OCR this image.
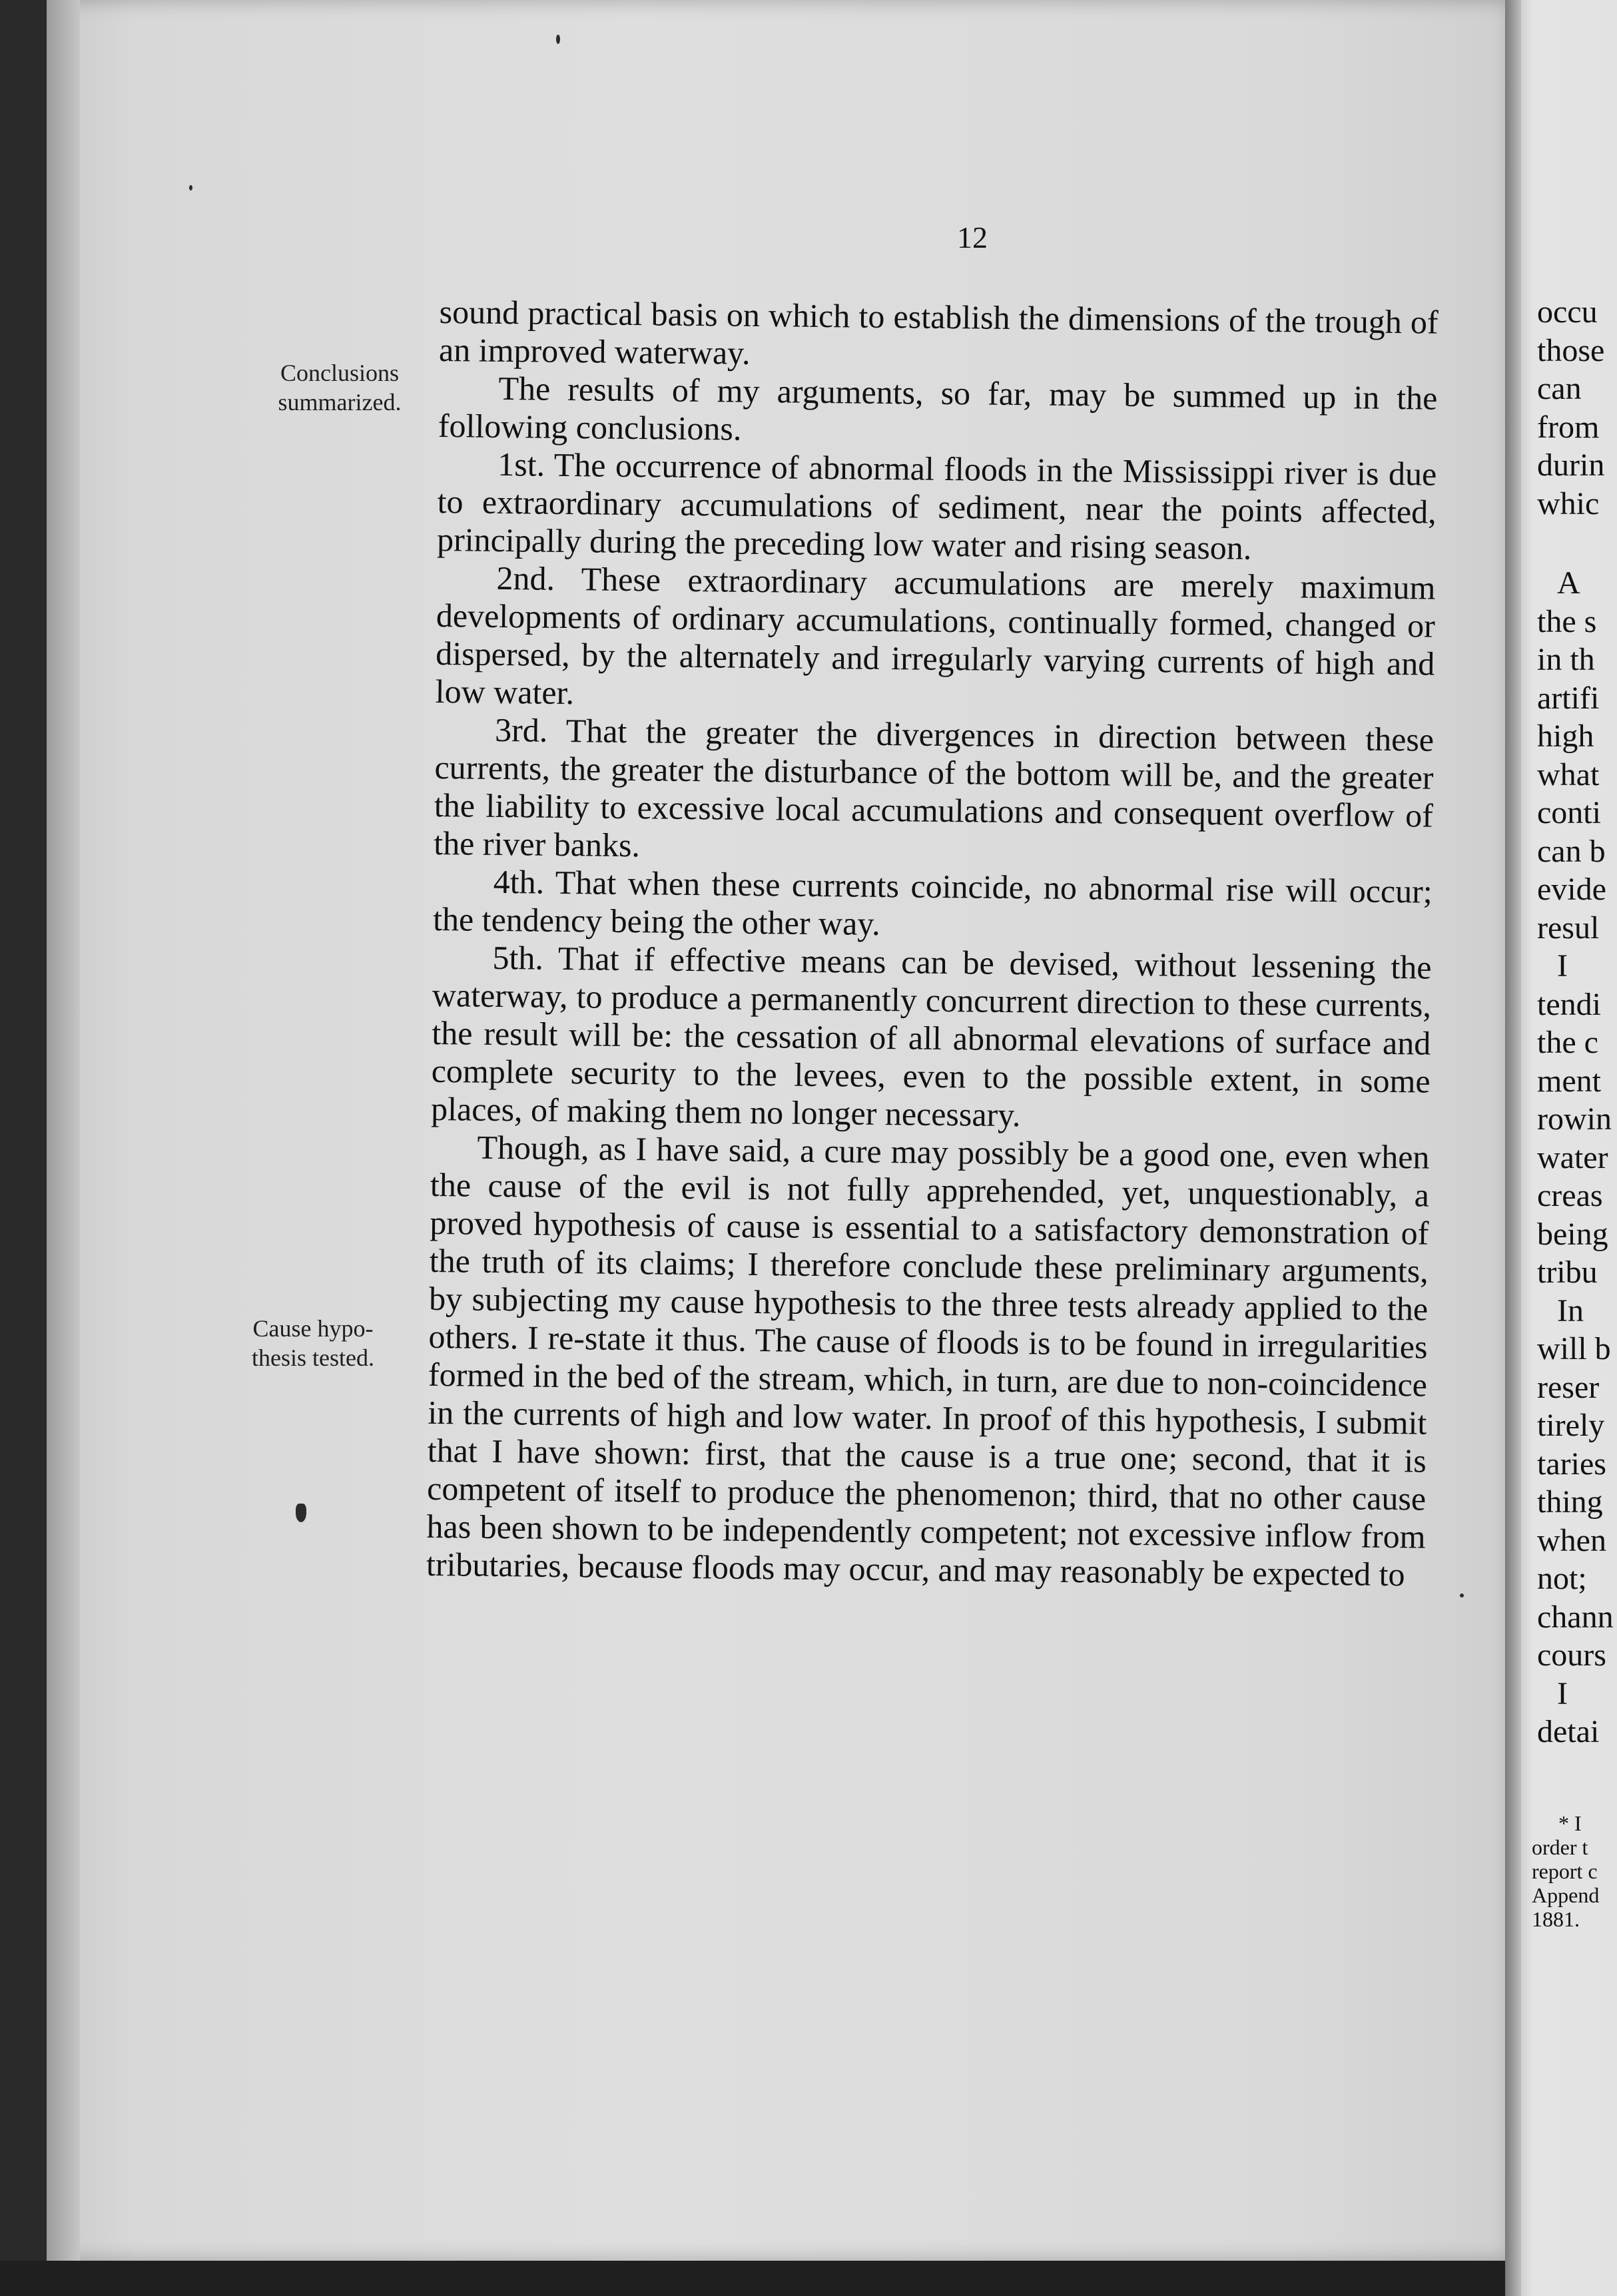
occu
those
can
from
durin
whic
A
the s
in th
artifi
high
what
conti
can b
evide
resul
I
tendi
the c
ment
rowin
water
creas
being
tribu
In
will b
reser
tirely
taries
thing
when
not;
chann
cours
I
detai
* I
order t
report c
Append
1881.
12
Conclusions
summarized.
Cause hypo-
thesis tested.

sound practical basis on which to establish the dimensions of the trough of an improved waterway.

The results of my arguments, so far, may be summed up in the following conclusions.

1st. The occurrence of abnormal floods in the Mississippi river is due to extraordinary accumulations of sediment, near the points affected, principally during the preceding low water and rising season.

2nd. These extraordinary accumulations are merely maximum developments of ordinary accumulations, continually formed, changed or dispersed, by the alternately and irregularly varying currents of high and low water.

3rd. That the greater the divergences in direction between these currents, the greater the disturbance of the bottom will be, and the greater the liability to excessive local accumulations and consequent overflow of the river banks.

4th. That when these currents coincide, no abnormal rise will occur; the tendency being the other way.

5th. That if effective means can be devised, without lessening the waterway, to produce a permanently concurrent direction to these currents, the result will be: the cessation of all abnormal elevations of surface and complete security to the levees, even to the possible extent, in some places, of making them no longer necessary.

Though, as I have said, a cure may possibly be a good one, even when the cause of the evil is not fully apprehended, yet, unquestionably, a proved hypothesis of cause is essential to a satisfactory demonstration of the truth of its claims; I therefore conclude these preliminary arguments, by subjecting my cause hypothesis to the three tests already applied to the others. I re-state it thus. The cause of floods is to be found in irregularities formed in the bed of the stream, which, in turn, are due to non-coincidence in the currents of high and low water. In proof of this hypothesis, I submit that I have shown: first, that the cause is a true one; second, that it is competent of itself to produce the phenomenon; third, that no other cause has been shown to be independently competent; not excessive inflow from tributaries, because floods may occur, and may reasonably be expected to
